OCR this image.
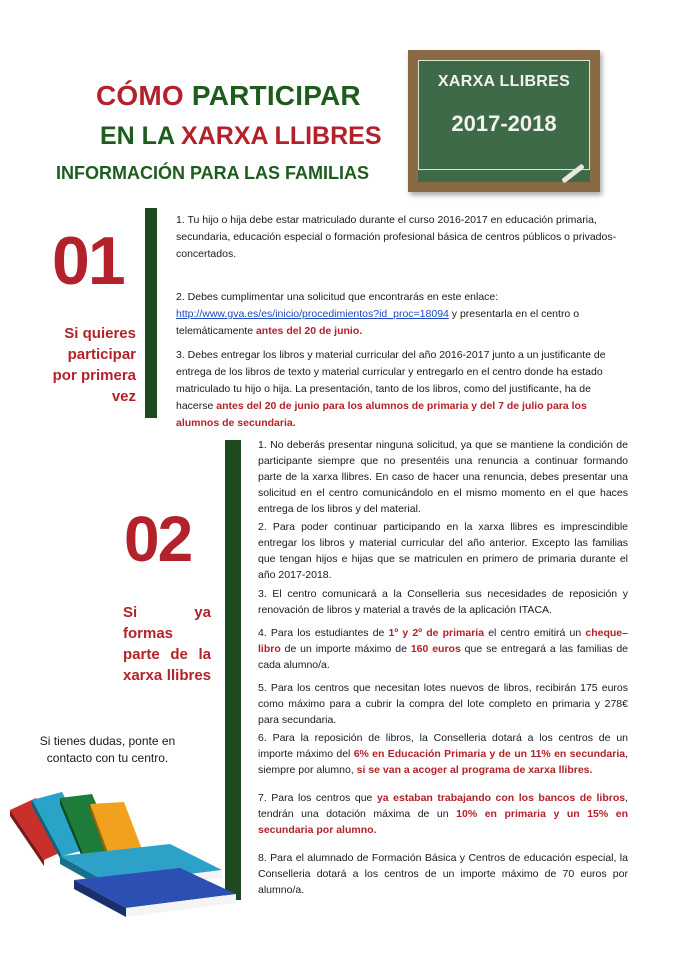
CÓMO PARTICIPAR
EN LA XARXA LLIBRES
INFORMACIÓN PARA LAS FAMILIAS
XARXA LLIBRES
2017-2018
01
Si quieres
participar
por primera
vez

1. Tu hijo o hija debe estar matriculado durante el curso 2016-2017 en educación primaria, secundaria, educación especial o formación profesional básica de centros públicos o privados-concertados.

2. Debes cumplimentar una solicitud que encontrarás en este enlace:
http://www.gva.es/es/inicio/procedimientos?id_proc=18094 y presentarla en el centro o telemáticamente antes del 20 de junio.

3. Debes entregar los libros y material curricular del año 2016-2017 junto a un justificante de entrega de los libros de texto y material curricular y entregarlo en el centro donde ha estado matriculado tu hijo o hija. La presentación, tanto de los libros, como del justificante, ha de hacerse antes del 20 de junio para los alumnos de primaria y del 7 de julio para los alumnos de secundaria.

02
Si ya formas
parte de la
xarxa llibres

1. No deberás presentar ninguna solicitud, ya que se mantiene la condición de participante siempre que no presentéis una renuncia a continuar formando parte de la xarxa llibres. En caso de hacer una renuncia, debes presentar una solicitud en el centro comunicándolo en el mismo momento en el que haces entrega de los libros y del material.

2. Para poder continuar participando en la xarxa llibres es imprescindible entregar los libros y material curricular del año anterior. Excepto las familias que tengan hijos e hijas que se matriculen en primero de primaria durante el año 2017-2018.

3. El centro comunicará a la Conselleria sus necesidades de reposición y renovación de libros y material a través de la aplicación ITACA.

4. Para los estudiantes de 1º y 2º de primaria el centro emitirá un cheque–libro de un importe máximo de 160 euros que se entregará a las familias de cada alumno/a.

5. Para los centros que necesitan lotes nuevos de libros, recibirán 175 euros como máximo para a cubrir la compra del lote completo en primaria y 278€ para secundaria.

6. Para la reposición de libros, la Conselleria dotará a los centros de un importe máximo del 6% en Educación Primaria y de un 11% en secundaria, siempre por alumno, si se van a acoger al programa de xarxa llibres.

7. Para los centros que ya estaban trabajando con los bancos de libros, tendrán una dotación máxima de un 10% en primaria y un 15% en secundaria por alumno.

8. Para el alumnado de Formación Básica y Centros de educación especial, la Conselleria dotará a los centros de un importe máximo de 70 euros por alumno/a.

Si tienes dudas, ponte en
contacto con tu centro.
